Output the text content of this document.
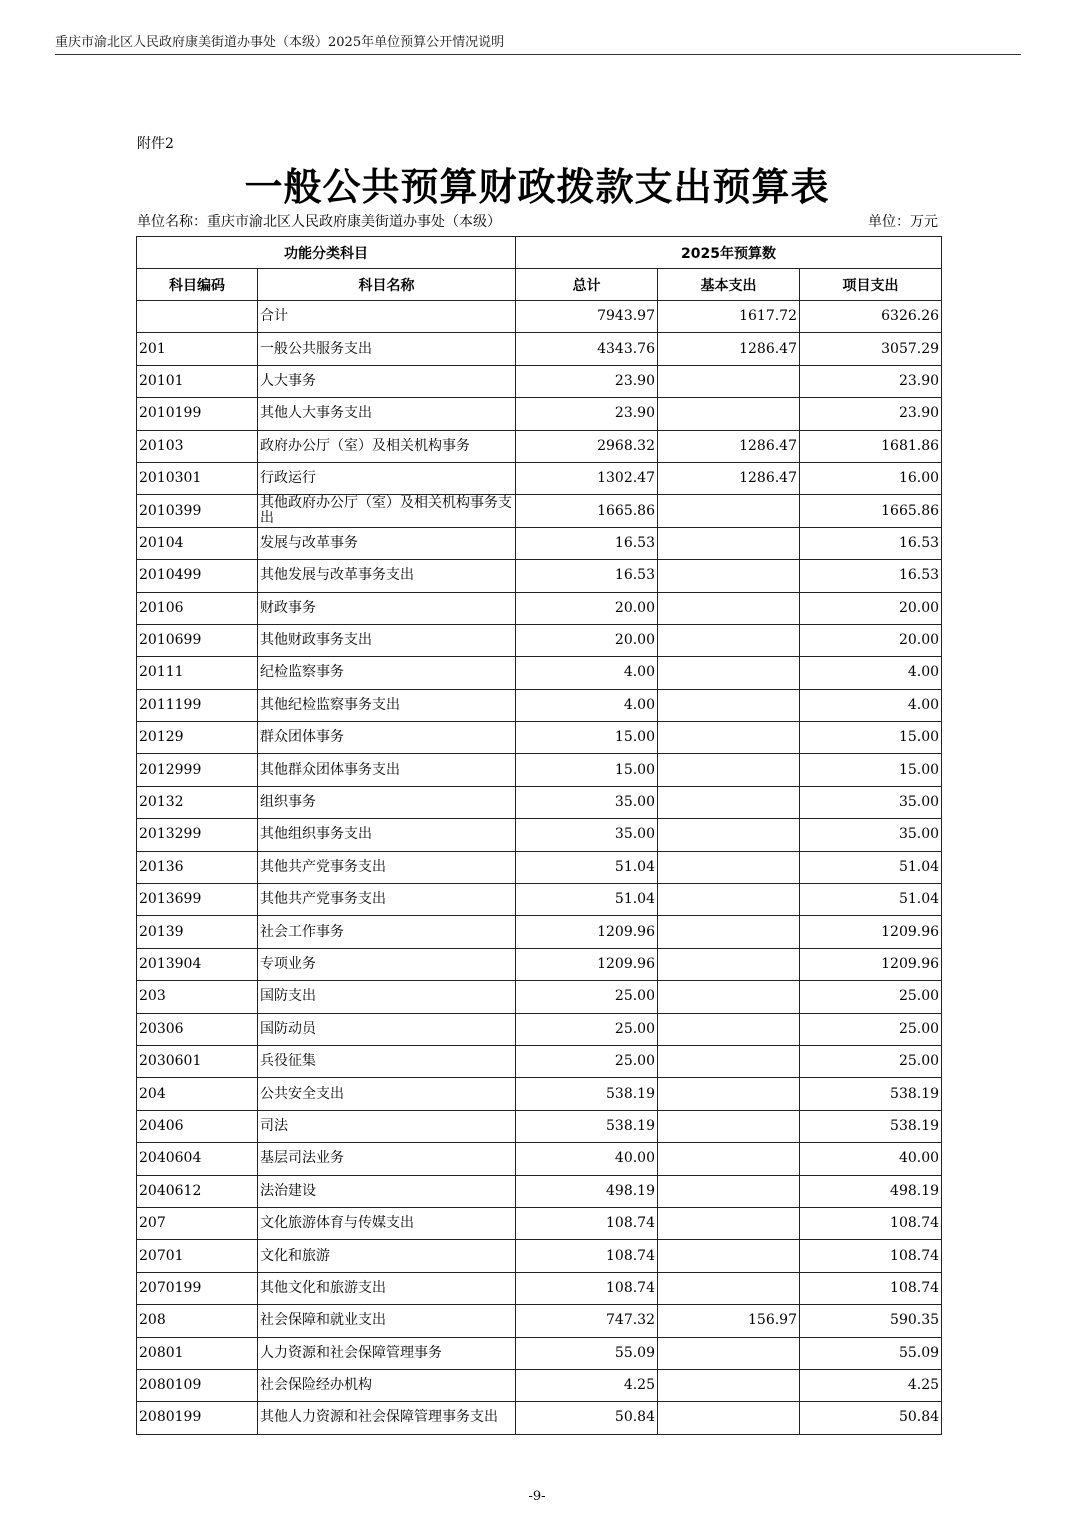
重庆市渝北区人民政府康美街道办事处（本级）2025年单位预算公开情况说明
附件2
一般公共预算财政拨款支出预算表
单位名称：重庆市渝北区人民政府康美街道办事处（本级）	单位：万元
功能分类科目		2025年预算数		
科目编码	科目名称	总计	基本支出	项目支出
	合计	7943.97	1617.72	6326.26
201	一般公共服务支出	4343.76	1286.47	3057.29
20101	人大事务	23.90		23.90
2010199	其他人大事务支出	23.90		23.90
20103	政府办公厅（室）及相关机构事务	2968.32	1286.47	1681.86
2010301	行政运行	1302.47	1286.47	16.00
2010399	其他政府办公厅（室）及相关机构事务支出	1665.86		1665.86
20104	发展与改革事务	16.53		16.53
2010499	其他发展与改革事务支出	16.53		16.53
20106	财政事务	20.00		20.00
2010699	其他财政事务支出	20.00		20.00
20111	纪检监察事务	4.00		4.00
2011199	其他纪检监察事务支出	4.00		4.00
20129	群众团体事务	15.00		15.00
2012999	其他群众团体事务支出	15.00		15.00
20132	组织事务	35.00		35.00
2013299	其他组织事务支出	35.00		35.00
20136	其他共产党事务支出	51.04		51.04
2013699	其他共产党事务支出	51.04		51.04
20139	社会工作事务	1209.96		1209.96
2013904	专项业务	1209.96		1209.96
203	国防支出	25.00		25.00
20306	国防动员	25.00		25.00
2030601	兵役征集	25.00		25.00
204	公共安全支出	538.19		538.19
20406	司法	538.19		538.19
2040604	基层司法业务	40.00		40.00
2040612	法治建设	498.19		498.19
207	文化旅游体育与传媒支出	108.74		108.74
20701	文化和旅游	108.74		108.74
2070199	其他文化和旅游支出	108.74		108.74
208	社会保障和就业支出	747.32	156.97	590.35
20801	人力资源和社会保障管理事务	55.09		55.09
2080109	社会保险经办机构	4.25		4.25
2080199	其他人力资源和社会保障管理事务支出	50.84		50.84
-9-
